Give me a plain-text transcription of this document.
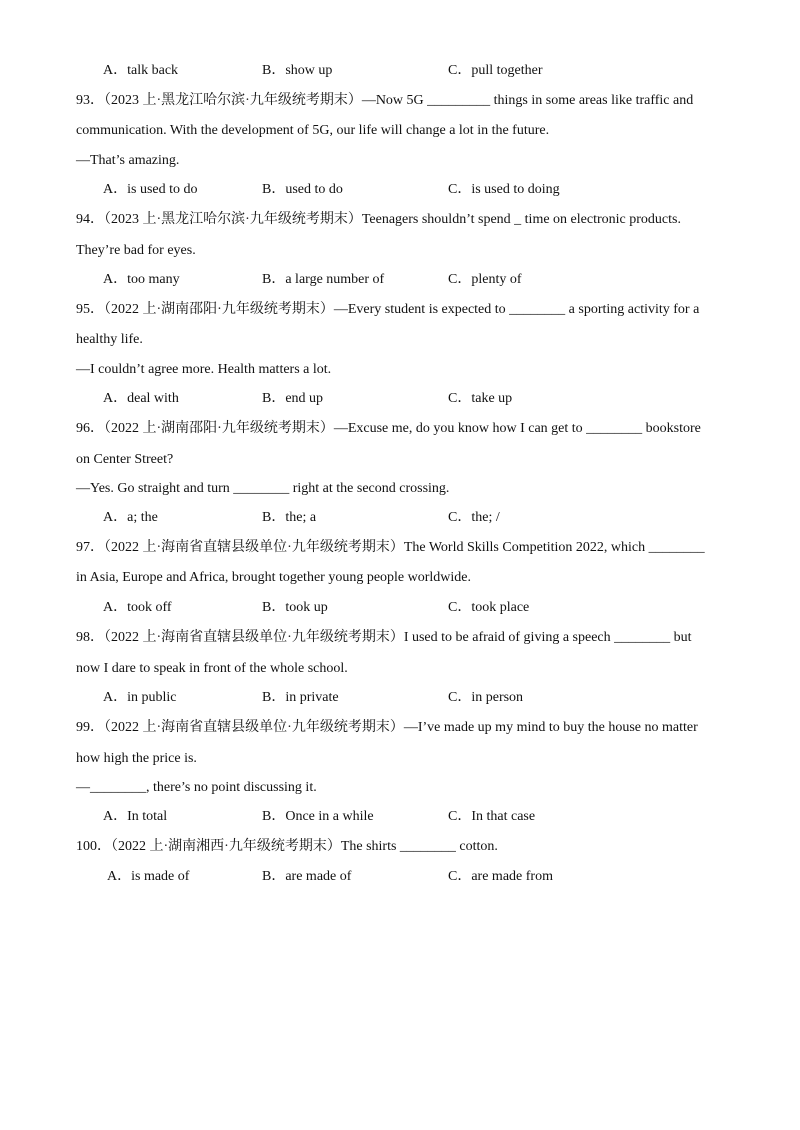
A．talk back	B．show up	C．pull together
93．（2023 上·黑龙江哈尔滨·九年级统考期末）—Now 5G _________ things in some areas like traffic and
communication. With the development of 5G, our life will change a lot in the future.
—That’s amazing.
A．is used to do	B．used to do	C．is used to doing
94．（2023 上·黑龙江哈尔滨·九年级统考期末）Teenagers shouldn’t spend _ time on electronic products.
They’re bad for eyes.
A．too many	B．a large number of	C．plenty of
95．（2022 上·湖南邵阳·九年级统考期末）—Every student is expected to ________ a sporting activity for a
healthy life.
—I couldn’t agree more. Health matters a lot.
A．deal with	B．end up	C．take up
96．（2022 上·湖南邵阳·九年级统考期末）—Excuse me, do you know how I can get to ________ bookstore
on Center Street?
—Yes. Go straight and turn ________ right at the second crossing.
A．a; the	B．the; a	C．the; /
97．（2022 上·海南省直辖县级单位·九年级统考期末）The World Skills Competition 2022, which ________
in Asia, Europe and Africa, brought together young people worldwide.
A．took off	B．took up	C．took place
98．（2022 上·海南省直辖县级单位·九年级统考期末）I used to be afraid of giving a speech ________ but
now I dare to speak in front of the whole school.
A．in public	B．in private	C．in person
99．（2022 上·海南省直辖县级单位·九年级统考期末）—I’ve made up my mind to buy the house no matter
how high the price is.
—________, there’s no point discussing it.
A．In total	B．Once in a while	C．In that case
100．（2022 上·湖南湘西·九年级统考期末）The shirts ________ cotton.
A．is made of	B．are made of	C．are made from
